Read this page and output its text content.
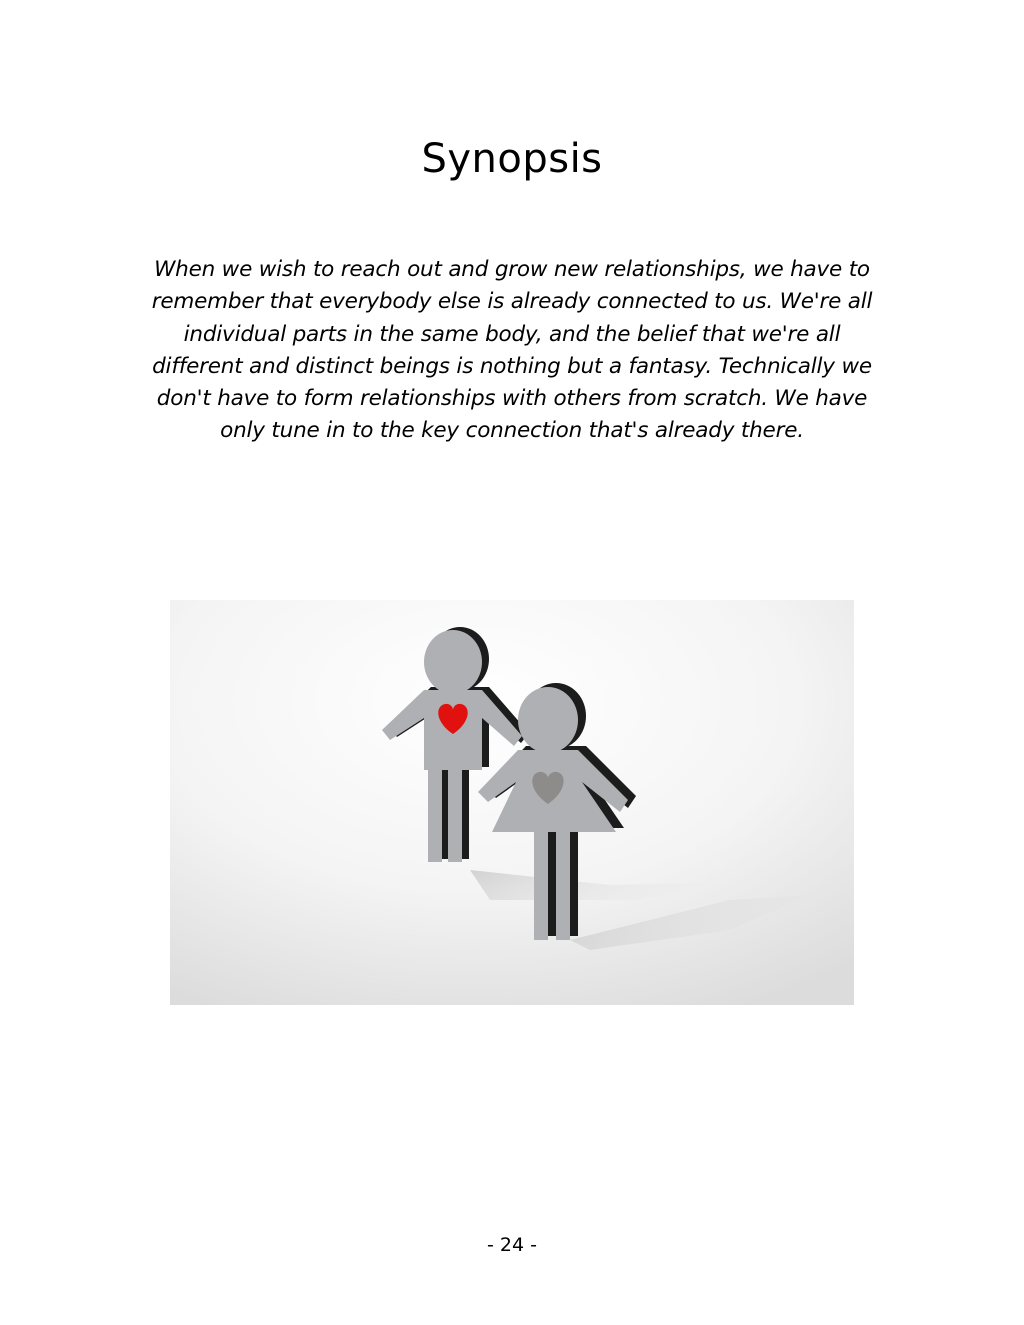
Synopsis

When we wish to reach out and grow new relationships, we have to remember that everybody else is already connected to us. We're all individual parts in the same body, and the belief that we're all different and distinct beings is nothing but a fantasy. Technically we don't have to form relationships with others from scratch. We have only tune in to the key connection that's already there.

- 24 -
